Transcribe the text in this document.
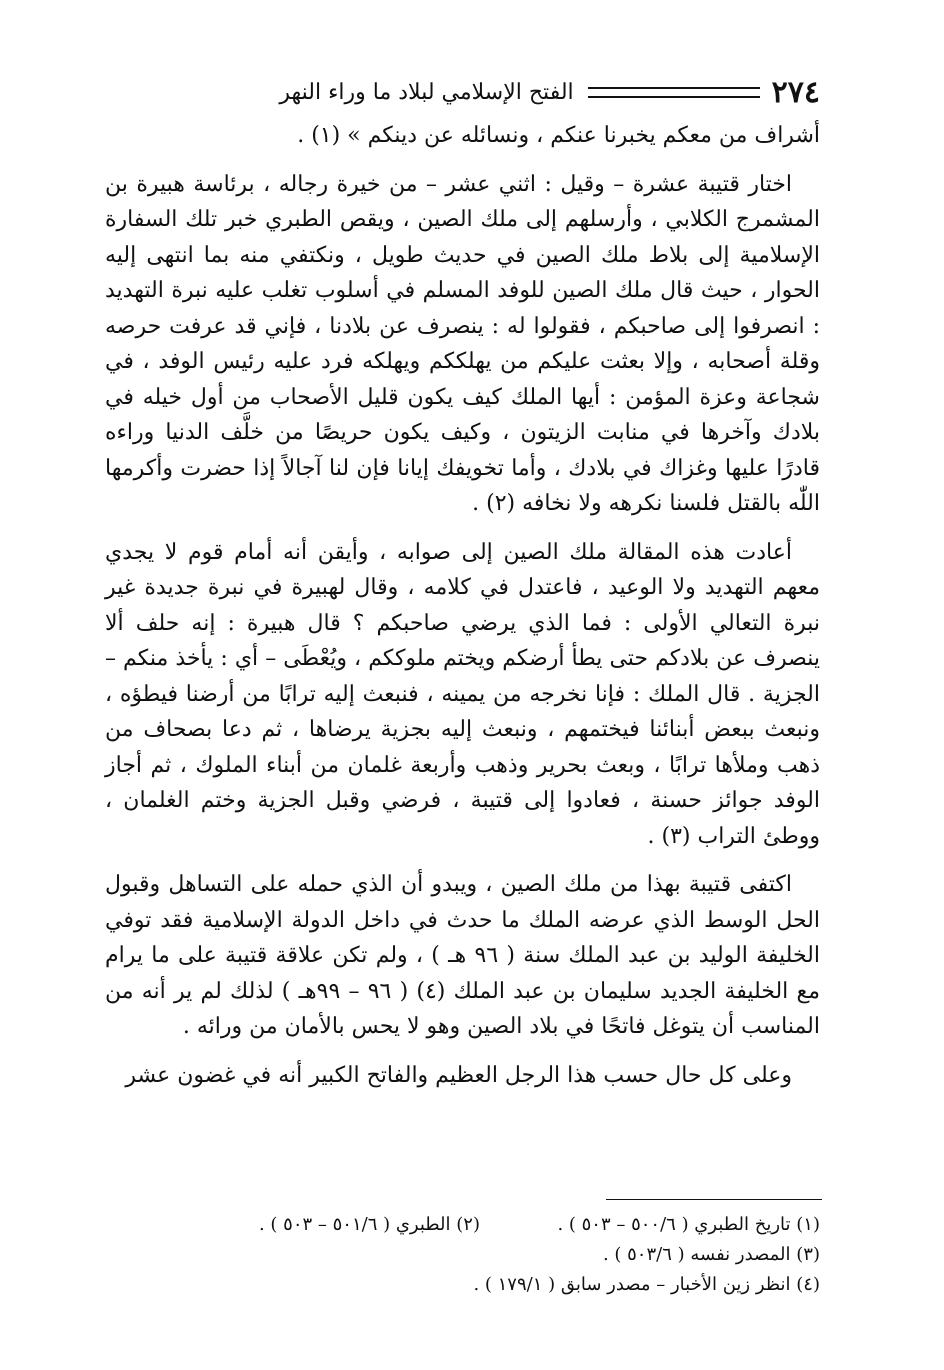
٢٧٤
الفتح الإسلامي لبلاد ما وراء النهر

أشراف من معكم يخبرنا عنكم ، ونسائله عن دينكم » (١) .

اختار قتيبة عشرة – وقيل : اثني عشر – من خيرة رجاله ، برئاسة هبيرة بن المشمرج الكلابي ، وأرسلهم إلى ملك الصين ، ويقص الطبري خبر تلك السفارة الإسلامية إلى بلاط ملك الصين في حديث طويل ، ونكتفي منه بما انتهى إليه الحوار ، حيث قال ملك الصين للوفد المسلم في أسلوب تغلب عليه نبرة التهديد : انصرفوا إلى صاحبكم ، فقولوا له : ينصرف عن بلادنا ، فإني قد عرفت حرصه وقلة أصحابه ، وإلا بعثت عليكم من يهلككم ويهلكه فرد عليه رئيس الوفد ، في شجاعة وعزة المؤمن : أيها الملك كيف يكون قليل الأصحاب من أول خيله في بلادك وآخرها في منابت الزيتون ، وكيف يكون حريصًا من خلَّف الدنيا وراءه قادرًا عليها وغزاك في بلادك ، وأما تخويفك إيانا فإن لنا آجالاً إذا حضرت وأكرمها اللّٰه بالقتل فلسنا نكرهه ولا نخافه (٢) .

أعادت هذه المقالة ملك الصين إلى صوابه ، وأيقن أنه أمام قوم لا يجدي معهم التهديد ولا الوعيد ، فاعتدل في كلامه ، وقال لهبيرة في نبرة جديدة غير نبرة التعالي الأولى : فما الذي يرضي صاحبكم ؟ قال هبيرة : إنه حلف ألا ينصرف عن بلادكم حتى يطأ أرضكم ويختم ملوككم ، ويُعْطَى – أي : يأخذ منكم – الجزية . قال الملك : فإنا نخرجه من يمينه ، فنبعث إليه ترابًا من أرضنا فيطؤه ، ونبعث ببعض أبنائنا فيختمهم ، ونبعث إليه بجزية يرضاها ، ثم دعا بصحاف من ذهب وملأها ترابًا ، وبعث بحرير وذهب وأربعة غلمان من أبناء الملوك ، ثم أجاز الوفد جوائز حسنة ، فعادوا إلى قتيبة ، فرضي وقبل الجزية وختم الغلمان ، ووطئ التراب (٣) .

اكتفى قتيبة بهذا من ملك الصين ، ويبدو أن الذي حمله على التساهل وقبول الحل الوسط الذي عرضه الملك ما حدث في داخل الدولة الإسلامية فقد توفي الخليفة الوليد بن عبد الملك سنة ( ٩٦ هـ ) ، ولم تكن علاقة قتيبة على ما يرام مع الخليفة الجديد سليمان بن عبد الملك (٤) ( ٩٦ – ٩٩هـ ) لذلك لم ير أنه من المناسب أن يتوغل فاتحًا في بلاد الصين وهو لا يحس بالأمان من ورائه .

وعلى كل حال حسب هذا الرجل العظيم والفاتح الكبير أنه في غضون عشر

(١) تاريخ الطبري ( ٥٠٠/٦ – ٥٠٣ ) .
(٢) الطبري ( ٥٠١/٦ – ٥٠٣ ) .
(٣) المصدر نفسه ( ٥٠٣/٦ ) .
(٤) انظر زين الأخبار – مصدر سابق ( ١٧٩/١ ) .
